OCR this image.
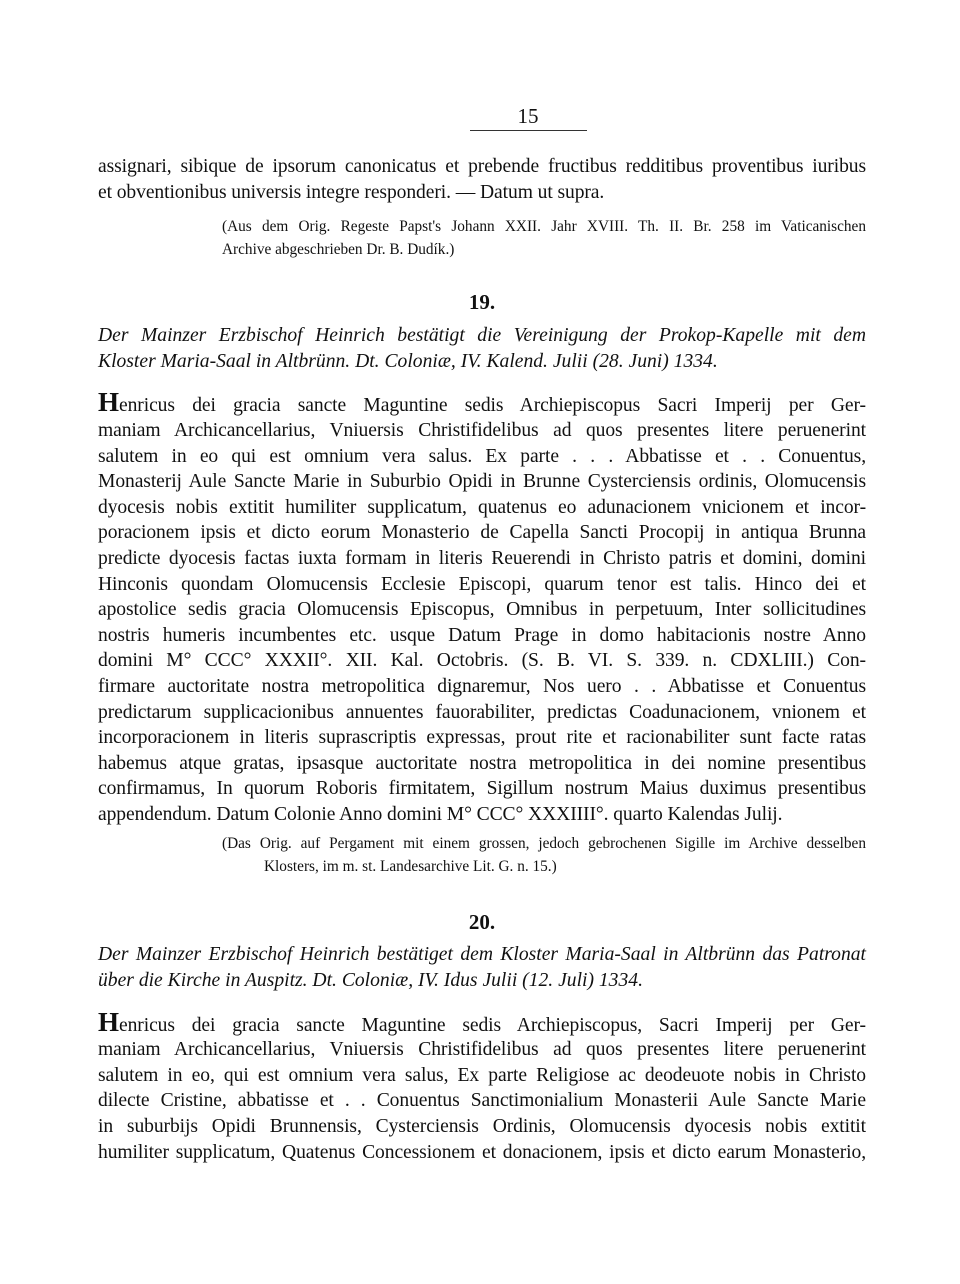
15
assignari, sibique de ipsorum canonicatus et prebende fructibus redditibus proventibus iuribus
et obventionibus universis integre responderi. — Datum ut supra.
(Aus dem Orig. Regeste Papst's Johann XXII. Jahr XVIII. Th. II. Br. 258 im Vaticanischen
Archive abgeschrieben Dr. B. Dudík.)
19.
Der Mainzer Erzbischof Heinrich bestätigt die Vereinigung der Prokop-Kapelle mit dem
Kloster Maria-Saal in Altbrünn. Dt. Coloniæ, IV. Kalend. Julii (28. Juni) 1334.
Henricus dei gracia sancte Maguntine sedis Archiepiscopus Sacri Imperij per Ger-
maniam Archicancellarius, Vniuersis Christifidelibus ad quos presentes litere peruenerint
salutem in eo qui est omnium vera salus. Ex parte . . . Abbatisse et . . Conuentus,
Monasterij Aule Sancte Marie in Suburbio Opidi in Brunne Cysterciensis ordinis, Olomucensis
dyocesis nobis extitit humiliter supplicatum, quatenus eo adunacionem vnicionem et incor-
poracionem ipsis et dicto eorum Monasterio de Capella Sancti Procopij in antiqua Brunna
predicte dyocesis factas iuxta formam in literis Reuerendi in Christo patris et domini, domini
Hinconis quondam Olomucensis Ecclesie Episcopi, quarum tenor est talis. Hinco dei et
apostolice sedis gracia Olomucensis Episcopus, Omnibus in perpetuum, Inter sollicitudines
nostris humeris incumbentes etc. usque Datum Prage in domo habitacionis nostre Anno
domini M° CCC° XXXII°. XII. Kal. Octobris. (S. B. VI. S. 339. n. CDXLIII.) Con-
firmare auctoritate nostra metropolitica dignaremur, Nos uero . . Abbatisse et Conuentus
predictarum supplicacionibus annuentes fauorabiliter, predictas Coadunacionem, vnionem et
incorporacionem in literis suprascriptis expressas, prout rite et racionabiliter sunt facte ratas
habemus atque gratas, ipsasque auctoritate nostra metropolitica in dei nomine presentibus
confirmamus, In quorum Roboris firmitatem, Sigillum nostrum Maius duximus presentibus
appendendum. Datum Colonie Anno domini M° CCC° XXXIIII°. quarto Kalendas Julij.
(Das Orig. auf Pergament mit einem grossen, jedoch gebrochenen Sigille im Archive desselben
Klosters, im m. st. Landesarchive Lit. G. n. 15.)
20.
Der Mainzer Erzbischof Heinrich bestätiget dem Kloster Maria-Saal in Altbrünn das Patronat
über die Kirche in Auspitz. Dt. Coloniæ, IV. Idus Julii (12. Juli) 1334.
Henricus dei gracia sancte Maguntine sedis Archiepiscopus, Sacri Imperij per Ger-
maniam Archicancellarius, Vniuersis Christifidelibus ad quos presentes litere peruenerint
salutem in eo, qui est omnium vera salus, Ex parte Religiose ac deodeuote nobis in Christo
dilecte Cristine, abbatisse et . . Conuentus Sanctimonialium Monasterii Aule Sancte Marie
in suburbijs Opidi Brunnensis, Cysterciensis Ordinis, Olomucensis dyocesis nobis extitit
humiliter supplicatum, Quatenus Concessionem et donacionem, ipsis et dicto earum Monasterio,
